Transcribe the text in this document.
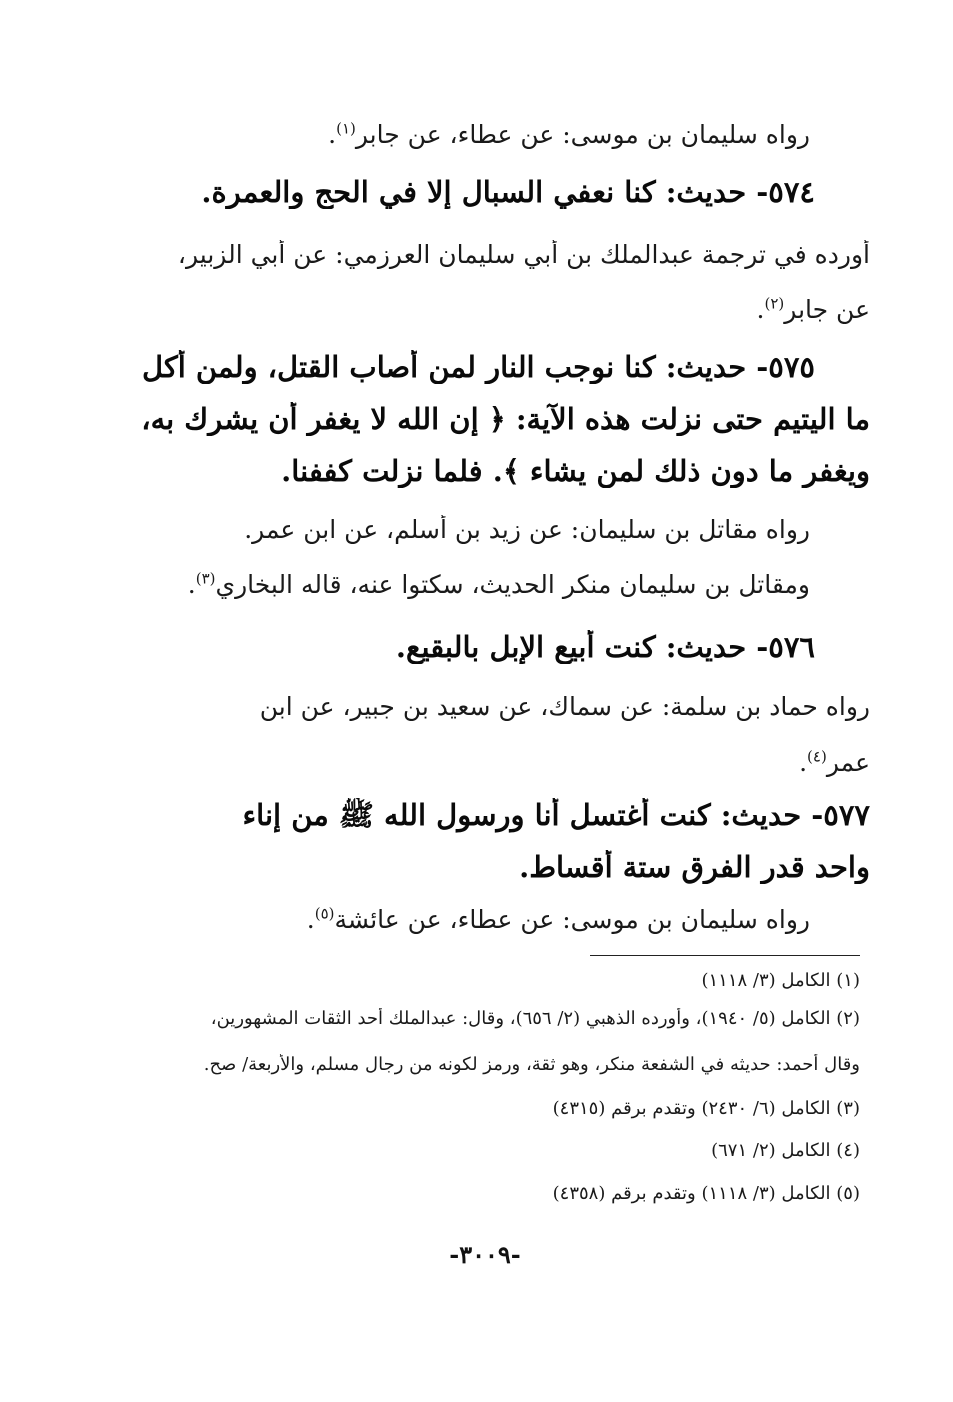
رواه سليمان بن موسى: عن عطاء، عن جابر$^{(١)}$.
٥٧٤- حديث: كنا نعفي السبال إلا في الحج والعمرة.
أورده في ترجمة عبدالملك بن أبي سليمان العرزمي: عن أبي الزبير،
عن جابر$^{(٢)}$.
٥٧٥- حديث: كنا نوجب النار لمن أصاب القتل، ولمن أكل
ما اليتيم حتى نزلت هذه الآية: ﴿ إن الله لا يغفر أن يشرك به،
ويغفر ما دون ذلك لمن يشاء ﴾. فلما نزلت كففنا.
رواه مقاتل بن سليمان: عن زيد بن أسلم، عن ابن عمر.
ومقاتل بن سليمان منكر الحديث، سكتوا عنه، قاله البخاري$^{(٣)}$.
٥٧٦- حديث: كنت أبيع الإبل بالبقيع.
رواه حماد بن سلمة: عن سماك، عن سعيد بن جبير، عن ابن
عمر$^{(٤)}$.
٥٧٧- حديث: كنت أغتسل أنا ورسول الله ﷺ من إناء
واحد قدر الفرق ستة أقساط.
رواه سليمان بن موسى: عن عطاء، عن عائشة$^{(٥)}$.
(١) الكامل (٣/ ١١١٨)
(٢) الكامل (٥/ ١٩٤٠)، وأورده الذهبي (٢/ ٦٥٦)، وقال: عبدالملك أحد الثقات المشهورين،
وقال أحمد: حديثه في الشفعة منكر، وهو ثقة، ورمز لكونه من رجال مسلم، والأربعة/ صح.
(٣) الكامل (٦/ ٢٤٣٠) وتقدم برقم (٤٣١٥)
(٤) الكامل (٢/ ٦٧١)
(٥) الكامل (٣/ ١١١٨) وتقدم برقم (٤٣٥٨)
-٣٠٠٩-
